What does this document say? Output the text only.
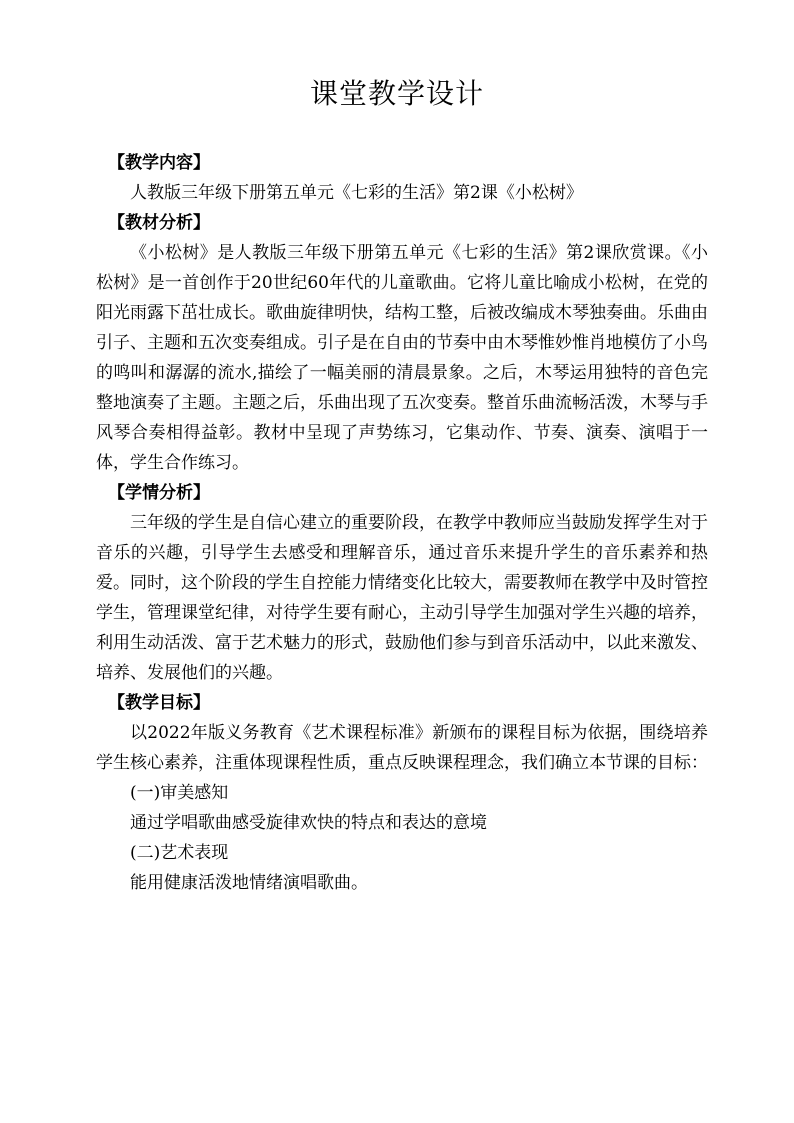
课堂教学设计

【教学内容】

人教版三年级下册第五单元《七彩的生活》第2课《小松树》

【教材分析】

《小松树》是人教版三年级下册第五单元《七彩的生活》第2课欣赏课。《小松树》是一首创作于20世纪60年代的儿童歌曲。它将儿童比喻成小松树，在党的阳光雨露下茁壮成长。歌曲旋律明快，结构工整，后被改编成木琴独奏曲。乐曲由引子、主题和五次变奏组成。引子是在自由的节奏中由木琴惟妙惟肖地模仿了小鸟的鸣叫和潺潺的流水,描绘了一幅美丽的清晨景象。之后，木琴运用独特的音色完整地演奏了主题。主题之后，乐曲出现了五次变奏。整首乐曲流畅活泼，木琴与手风琴合奏相得益彰。教材中呈现了声势练习，它集动作、节奏、演奏、演唱于一体，学生合作练习。

【学情分析】

三年级的学生是自信心建立的重要阶段，在教学中教师应当鼓励发挥学生对于音乐的兴趣，引导学生去感受和理解音乐，通过音乐来提升学生的音乐素养和热爱。同时，这个阶段的学生自控能力情绪变化比较大，需要教师在教学中及时管控学生，管理课堂纪律，对待学生要有耐心，主动引导学生加强对学生兴趣的培养，利用生动活泼、富于艺术魅力的形式，鼓励他们参与到音乐活动中，以此来激发、培养、发展他们的兴趣。

【教学目标】

以2022年版义务教育《艺术课程标准》新颁布的课程目标为依据，围绕培养学生核心素养，注重体现课程性质，重点反映课程理念，我们确立本节课的目标：

(一)审美感知

通过学唱歌曲感受旋律欢快的特点和表达的意境

(二)艺术表现

能用健康活泼地情绪演唱歌曲。
